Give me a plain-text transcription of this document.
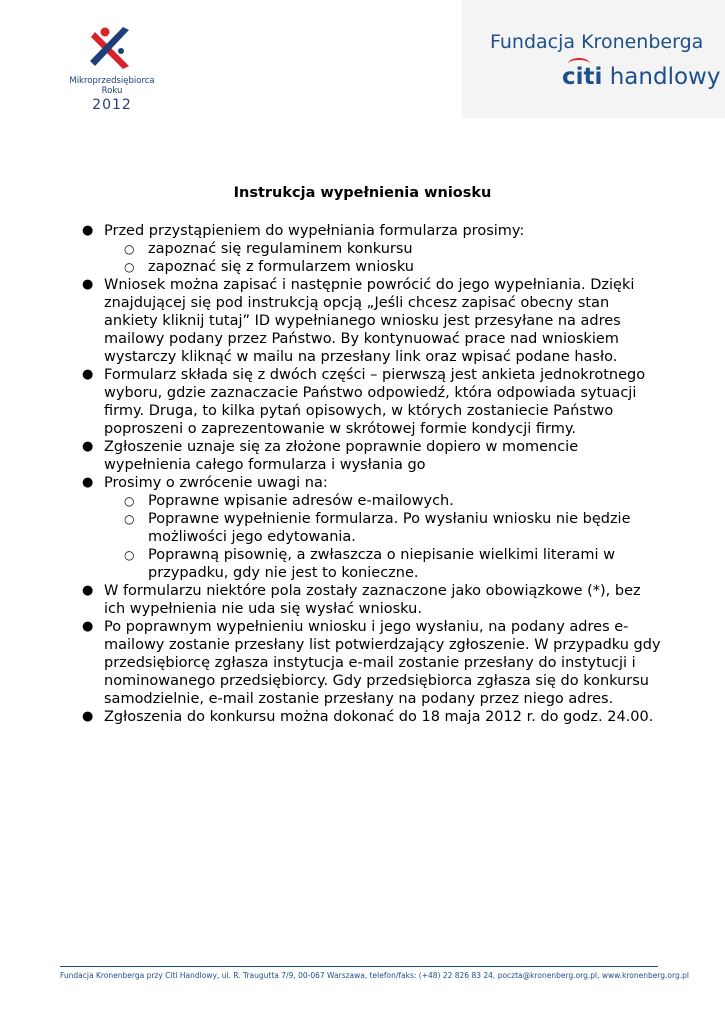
Mikroprzedsiębiorca
Roku
2012
Fundacja Kronenberga
citi handlowy
Instrukcja wypełnienia wniosku
● Przed przystąpieniem do wypełniania formularza prosimy:
○ zapoznać się regulaminem konkursu
○ zapoznać się z formularzem wniosku
● Wniosek można zapisać i następnie powrócić do jego wypełniania. Dzięki znajdującej się pod instrukcją opcją „Jeśli chcesz zapisać obecny stan ankiety kliknij tutaj” ID wypełnianego wniosku jest przesyłane na adres mailowy podany przez Państwo. By kontynuować prace nad wnioskiem wystarczy kliknąć w mailu na przesłany link oraz wpisać podane hasło.
● Formularz składa się z dwóch części – pierwszą jest ankieta jednokrotnego wyboru, gdzie zaznaczacie Państwo odpowiedź, która odpowiada sytuacji firmy. Druga, to kilka pytań opisowych, w których zostaniecie Państwo poproszeni o zaprezentowanie w skrótowej formie kondycji firmy.
● Zgłoszenie uznaje się za złożone poprawnie dopiero w momencie wypełnienia całego formularza i wysłania go
● Prosimy o zwrócenie uwagi na:
○ Poprawne wpisanie adresów e-mailowych.
○ Poprawne wypełnienie formularza. Po wysłaniu wniosku nie będzie możliwości jego edytowania.
○ Poprawną pisownię, a zwłaszcza o niepisanie wielkimi literami w przypadku, gdy nie jest to konieczne.
● W formularzu niektóre pola zostały zaznaczone jako obowiązkowe (*), bez ich wypełnienia nie uda się wysłać wniosku.
● Po poprawnym wypełnieniu wniosku i jego wysłaniu, na podany adres e-mailowy zostanie przesłany list potwierdzający zgłoszenie. W przypadku gdy przedsiębiorcę zgłasza instytucja e-mail zostanie przesłany do instytucji i nominowanego przedsiębiorcy. Gdy przedsiębiorca zgłasza się do konkursu samodzielnie, e-mail zostanie przesłany na podany przez niego adres.
● Zgłoszenia do konkursu można dokonać do 18 maja 2012 r. do godz. 24.00.
Fundacja Kronenberga przy Citi Handlowy, ul. R. Traugutta 7/9, 00-067 Warszawa, telefon/faks: (+48) 22 826 83 24, poczta@kronenberg.org.pl, www.kronenberg.org.pl
